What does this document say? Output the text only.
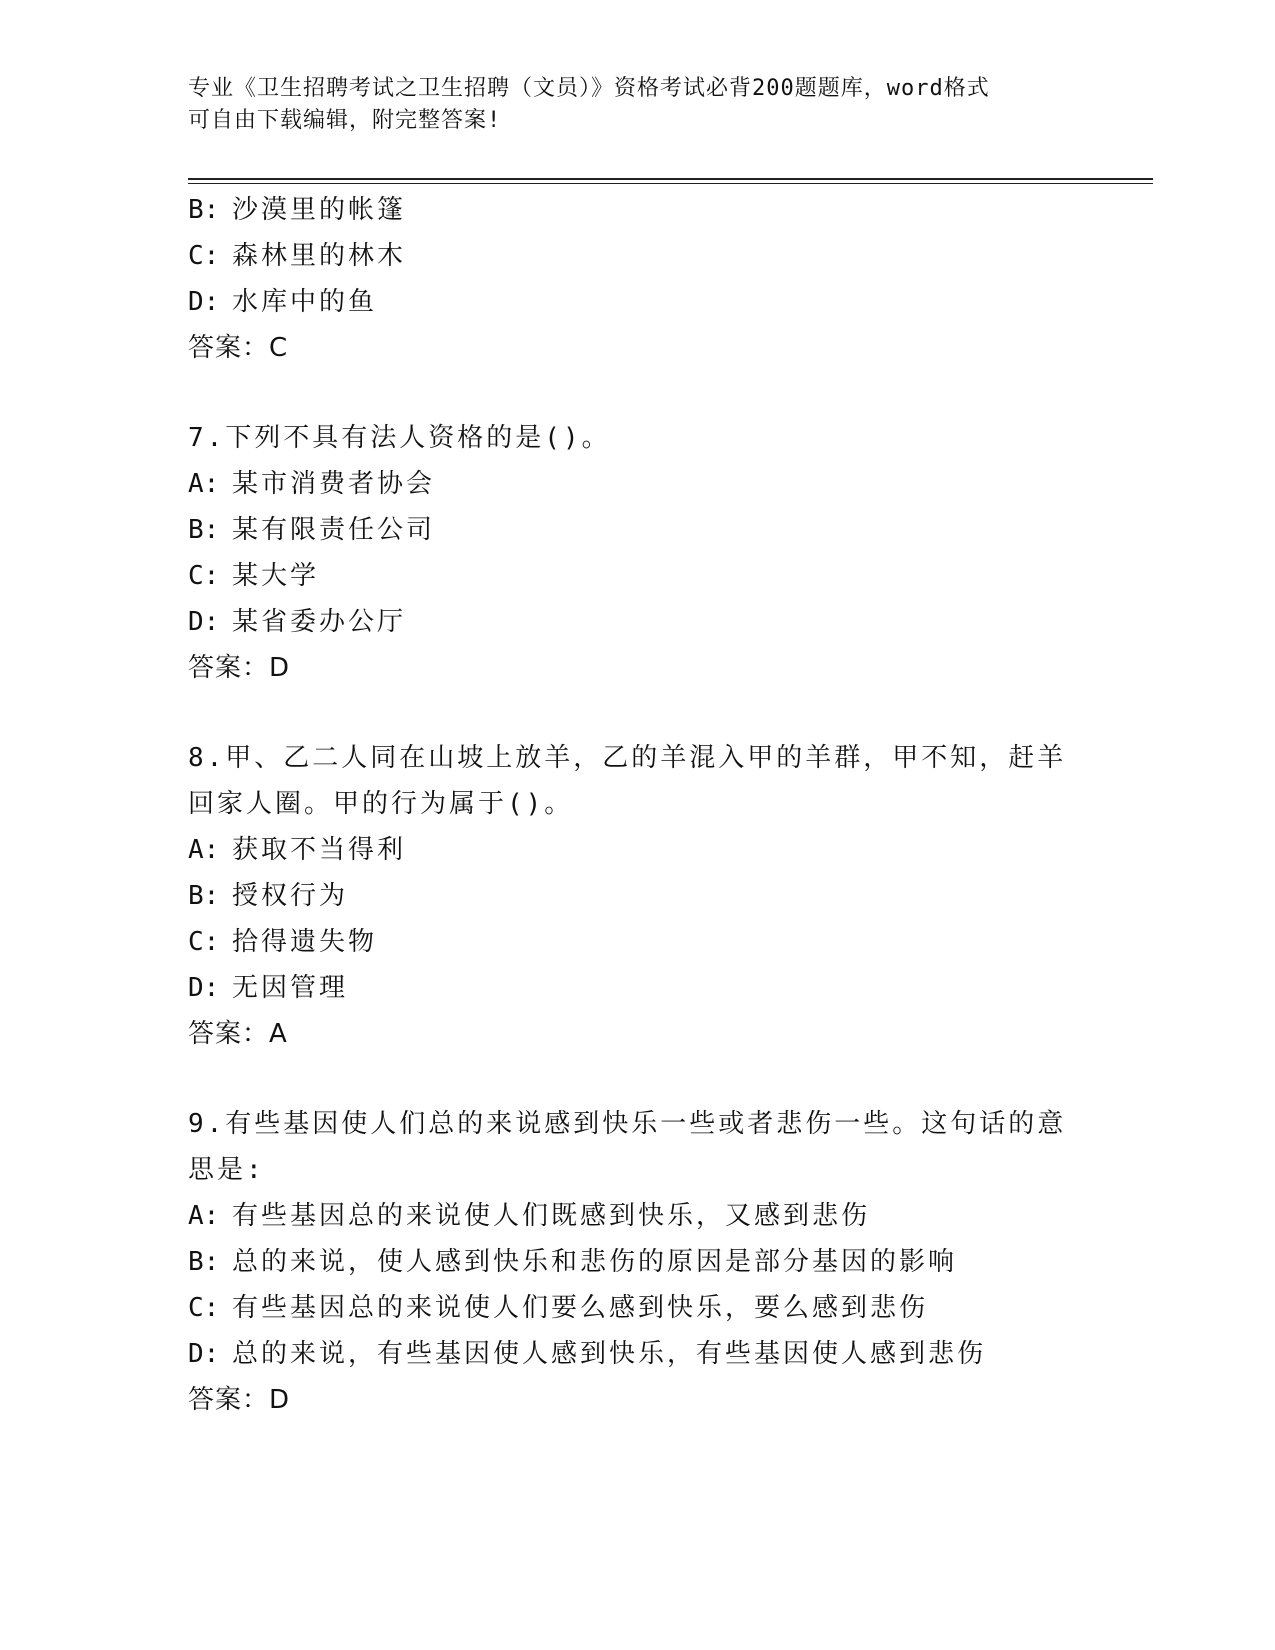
专业《卫生招聘考试之卫生招聘（文员）》资格考试必背200题题库，word格式
可自由下载编辑，附完整答案!
B: 沙漠里的帐篷
C: 森林里的林木
D: 水库中的鱼
答案：C
7.下列不具有法人资格的是()。
A: 某市消费者协会
B: 某有限责任公司
C: 某大学
D: 某省委办公厅
答案：D
8.甲、乙二人同在山坡上放羊，乙的羊混入甲的羊群，甲不知，赶羊
回家人圈。甲的行为属于()。
A: 获取不当得利
B: 授权行为
C: 拾得遗失物
D: 无因管理
答案：A
9.有些基因使人们总的来说感到快乐一些或者悲伤一些。这句话的意
思是:
A: 有些基因总的来说使人们既感到快乐，又感到悲伤
B: 总的来说，使人感到快乐和悲伤的原因是部分基因的影响
C: 有些基因总的来说使人们要么感到快乐，要么感到悲伤
D: 总的来说，有些基因使人感到快乐，有些基因使人感到悲伤
答案：D
